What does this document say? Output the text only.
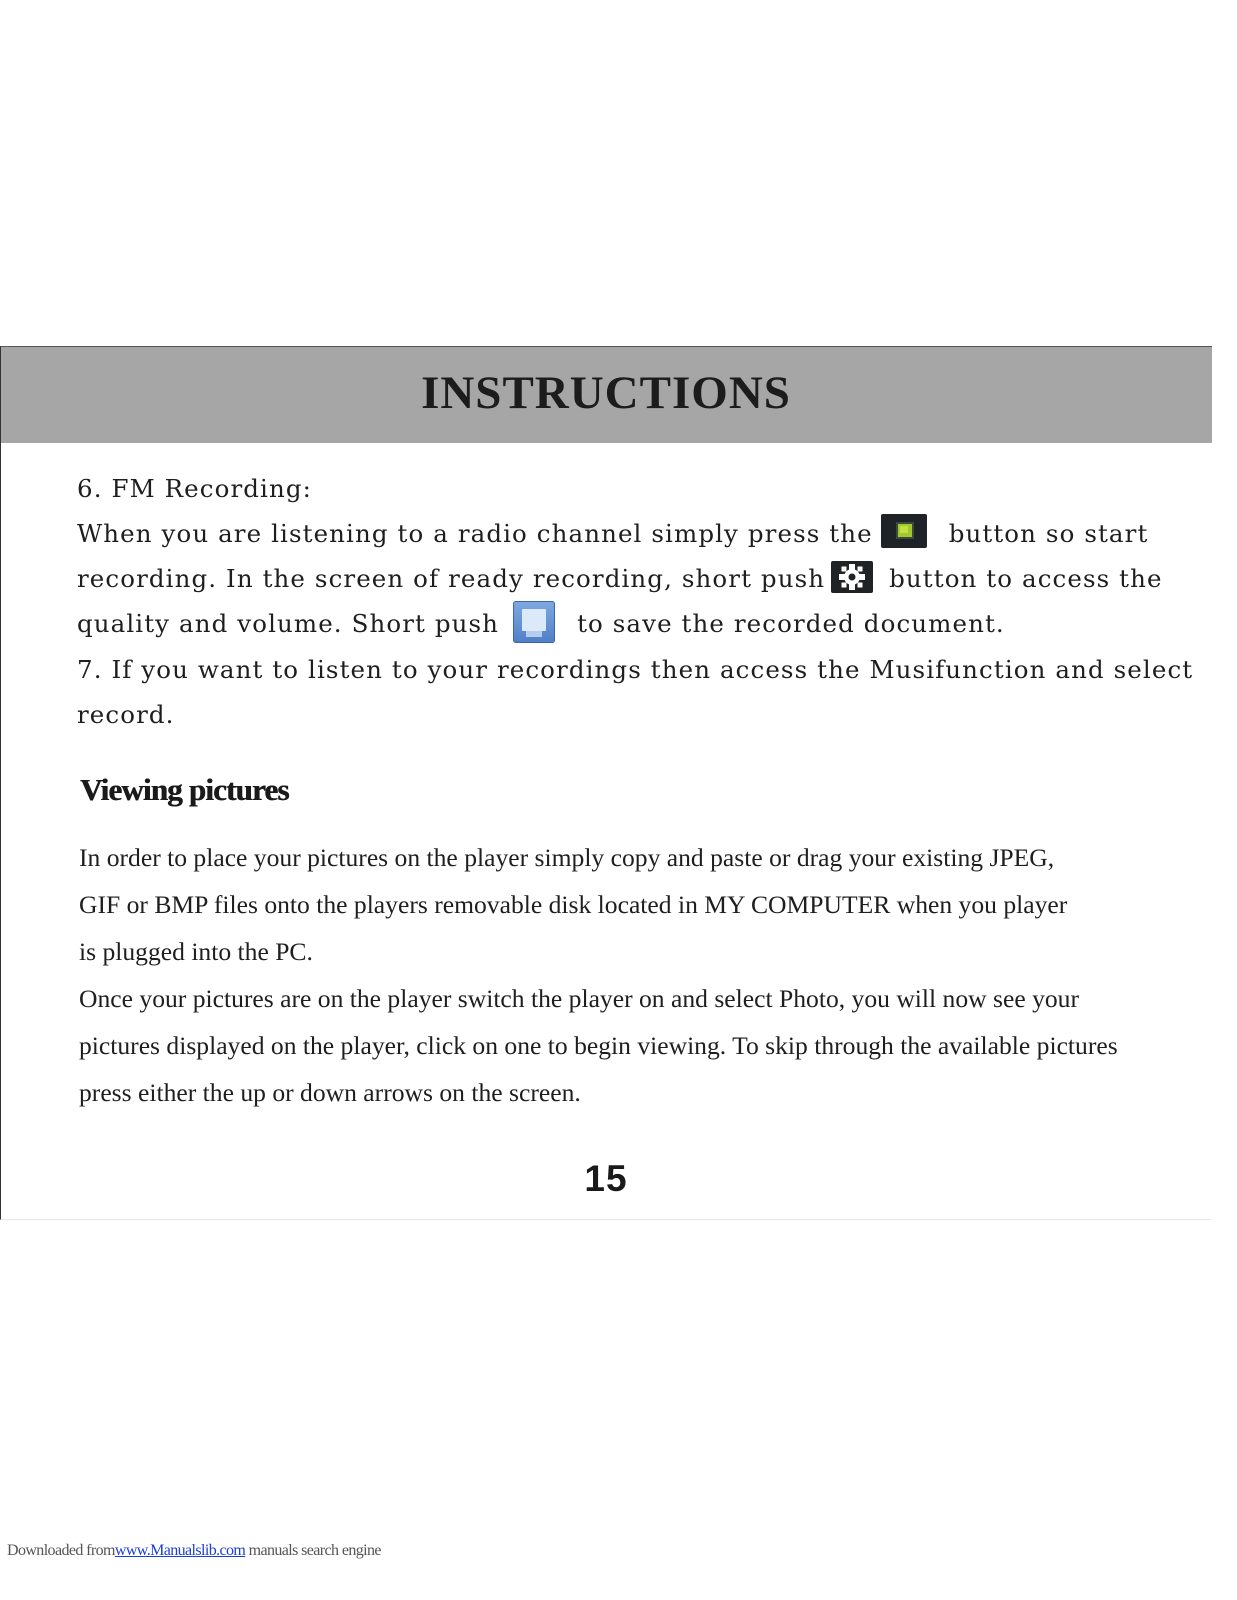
INSTRUCTIONS

6. FM Recording:

When you are listening to a radio channel simply press the	button so start

recording. In the screen of ready recording, short push	button to access the

quality and volume. Short push	to save the recorded document.

7. If you want to listen to your recordings then access the Musifunction and select

record.

Viewing pictures

In order to place your pictures on the player simply copy and paste or drag your existing JPEG,

GIF or BMP files onto the players removable disk located in MY COMPUTER when you player

is plugged into the PC.

Once your pictures are on the player switch the player on and select Photo, you will now see your

pictures displayed on the player, click on one to begin viewing. To skip through the available pictures

press either the up or down arrows on the screen.

15
Downloaded fromwww.Manualslib.com manuals search engine
